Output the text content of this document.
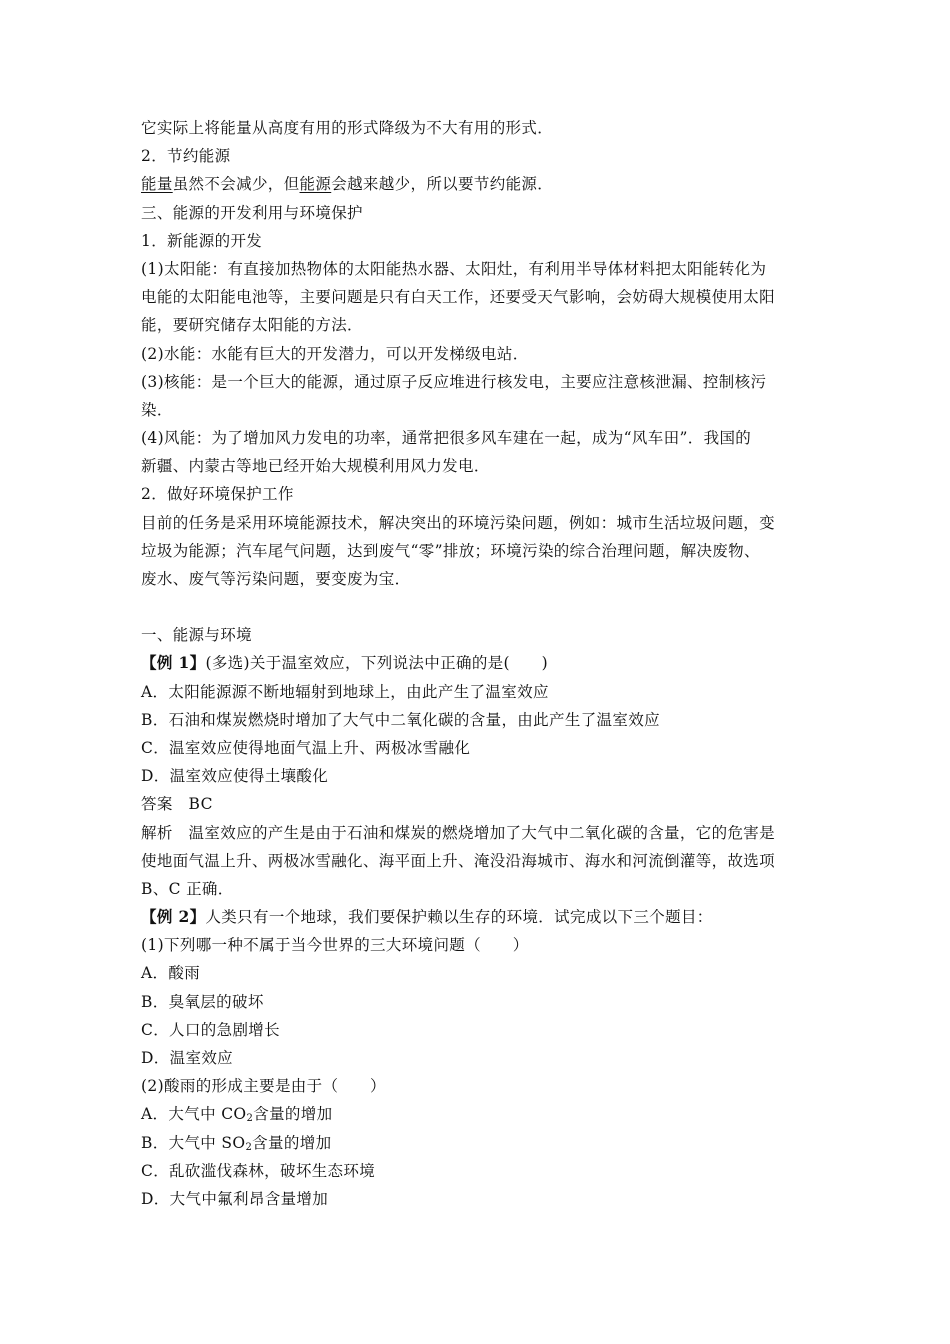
它实际上将能量从高度有用的形式降级为不大有用的形式．
2．节约能源
能量虽然不会减少，但能源会越来越少，所以要节约能源．
三、能源的开发利用与环境保护
1．新能源的开发
(1)太阳能：有直接加热物体的太阳能热水器、太阳灶，有利用半导体材料把太阳能转化为
电能的太阳能电池等，主要问题是只有白天工作，还要受天气影响，会妨碍大规模使用太阳
能，要研究储存太阳能的方法．
(2)水能：水能有巨大的开发潜力，可以开发梯级电站．
(3)核能：是一个巨大的能源，通过原子反应堆进行核发电，主要应注意核泄漏、控制核污
染．
(4)风能：为了增加风力发电的功率，通常把很多风车建在一起，成为“风车田”．我国的
新疆、内蒙古等地已经开始大规模利用风力发电．
2．做好环境保护工作
目前的任务是采用环境能源技术，解决突出的环境污染问题，例如：城市生活垃圾问题，变
垃圾为能源；汽车尾气问题，达到废气“零”排放；环境污染的综合治理问题，解决废物、
废水、废气等污染问题，要变废为宝．
一、能源与环境
【例 1】(多选)关于温室效应，下列说法中正确的是(　　)
A．太阳能源源不断地辐射到地球上，由此产生了温室效应
B．石油和煤炭燃烧时增加了大气中二氧化碳的含量，由此产生了温室效应
C．温室效应使得地面气温上升、两极冰雪融化
D．温室效应使得土壤酸化
答案　BC
解析　温室效应的产生是由于石油和煤炭的燃烧增加了大气中二氧化碳的含量，它的危害是
使地面气温上升、两极冰雪融化、海平面上升、淹没沿海城市、海水和河流倒灌等，故选项
B、C 正确．
【例 2】人类只有一个地球，我们要保护赖以生存的环境．试完成以下三个题目：
(1)下列哪一种不属于当今世界的三大环境问题（　　）
A．酸雨
B．臭氧层的破坏
C．人口的急剧增长
D．温室效应
(2)酸雨的形成主要是由于（　　）
A．大气中 $CO_2$含量的增加
B．大气中 $SO_2$含量的增加
C．乱砍滥伐森林，破坏生态环境
D．大气中氟利昂含量增加
